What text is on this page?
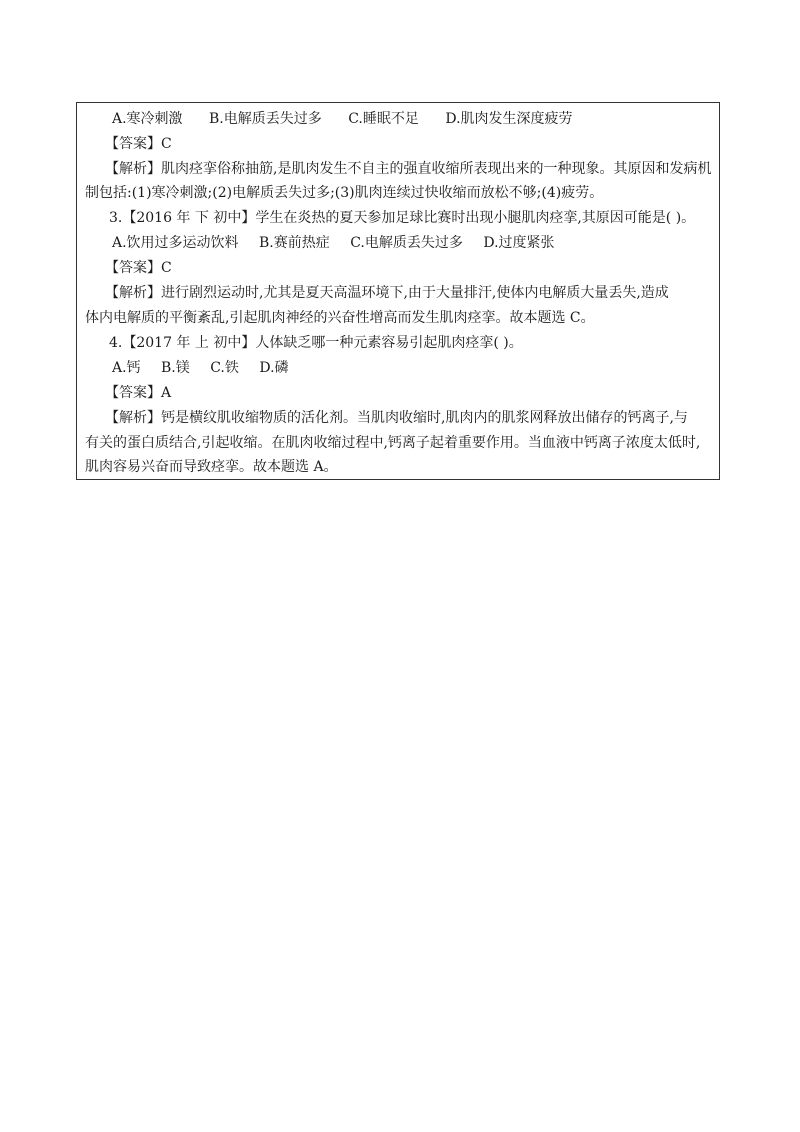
A.寒冷刺激 B.电解质丢失过多 C.睡眠不足 D.肌肉发生深度疲劳
【答案】C
【解析】肌肉痉挛俗称抽筋,是肌肉发生不自主的强直收缩所表现出来的一种现象。其原因和发病机
制包括:(1)寒冷刺激;(2)电解质丢失过多;(3)肌肉连续过快收缩而放松不够;(4)疲劳。
3.【2016 年 下 初中】学生在炎热的夏天参加足球比赛时出现小腿肌肉痉挛,其原因可能是( )。
A.饮用过多运动饮料 B.赛前热症 C.电解质丢失过多 D.过度紧张
【答案】C
【解析】进行剧烈运动时,尤其是夏天高温环境下,由于大量排汗,使体内电解质大量丢失,造成
体内电解质的平衡紊乱,引起肌肉神经的兴奋性增高而发生肌肉痉挛。故本题选 C。
4.【2017 年 上 初中】人体缺乏哪一种元素容易引起肌肉痉挛( )。
A.钙 B.镁 C.铁 D.磷
【答案】A
【解析】钙是横纹肌收缩物质的活化剂。当肌肉收缩时,肌肉内的肌浆网释放出储存的钙离子,与
有关的蛋白质结合,引起收缩。在肌肉收缩过程中,钙离子起着重要作用。当血液中钙离子浓度太低时,
肌肉容易兴奋而导致痉挛。故本题选 A。
